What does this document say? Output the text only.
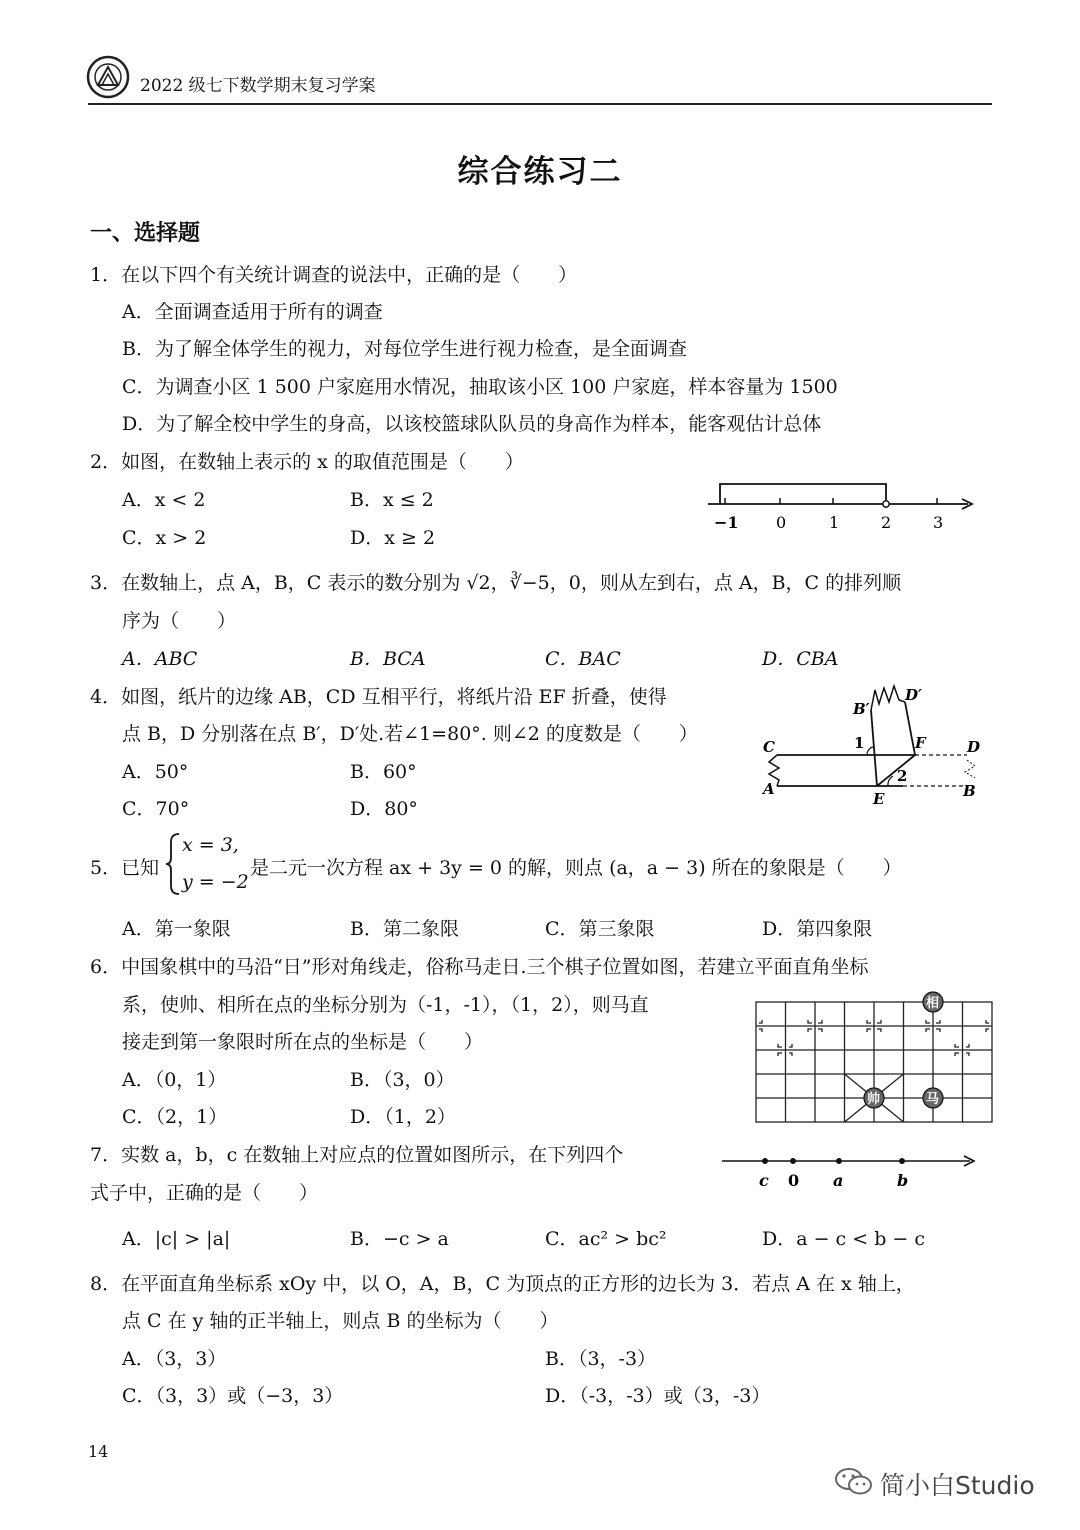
2022 级七下数学期末复习学案
综合练习二
一、选择题
1．在以下四个有关统计调查的说法中，正确的是（　　）
A．全面调查适用于所有的调查
B．为了解全体学生的视力，对每位学生进行视力检查，是全面调查
C．为调查小区 1 500 户家庭用水情况，抽取该小区 100 户家庭，样本容量为 1500
D．为了解全校中学生的身高，以该校篮球队队员的身高作为样本，能客观估计总体
2．如图，在数轴上表示的 x 的取值范围是（　　）
A．x < 2	B．x ≤ 2
C．x > 2	D．x ≥ 2
−1 0	1	2	3
3．在数轴上，点 A，B，C 表示的数分别为 √2，∛−5，0，则从左到右，点 A，B，C 的排列顺
序为（　　）
A．ABC	B．BCA	C．BAC	D．CBA
4．如图，纸片的边缘 AB，CD 互相平行，将纸片沿 EF 折叠，使得
点 B，D 分别落在点 B′，D′处.若∠1=80°. 则∠2 的度数是（　　）
A．50°	B．60°
C．70°	D．80°
B′
D′
C	1	F	D
A
2
E	B
5．已知
x = 3,
y = −2
是二元一次方程 ax + 3y = 0 的解，则点 (a，a − 3) 所在的象限是（　　）
A．第一象限	B．第二象限	C．第三象限	D．第四象限
6．中国象棋中的马沿“日”形对角线走，俗称马走日.三个棋子位置如图，若建立平面直角坐标
系，使帅、相所在点的坐标分别为（-1，-1），（1，2），则马直
接走到第一象限时所在点的坐标是（　　）
A．（0，1）	B．（3，0）
C．（2，1）	D．（1，2）
相
帅	马
7．实数 a，b，c 在数轴上对应点的位置如图所示，在下列四个
式子中，正确的是（　　）
c 0 a	b
A．|c| > |a|	B．−c > a	C．ac² > bc²	D．a − c < b − c
8．在平面直角坐标系 xOy 中，以 O，A，B，C 为顶点的正方形的边长为 3．若点 A 在 x 轴上，
点 C 在 y 轴的正半轴上，则点 B 的坐标为（　　）
A．（3，3）	B．（3，-3）
C．（3，3）或（−3，3）	D．（-3，-3）或（3，-3）
14
简小白Studio
